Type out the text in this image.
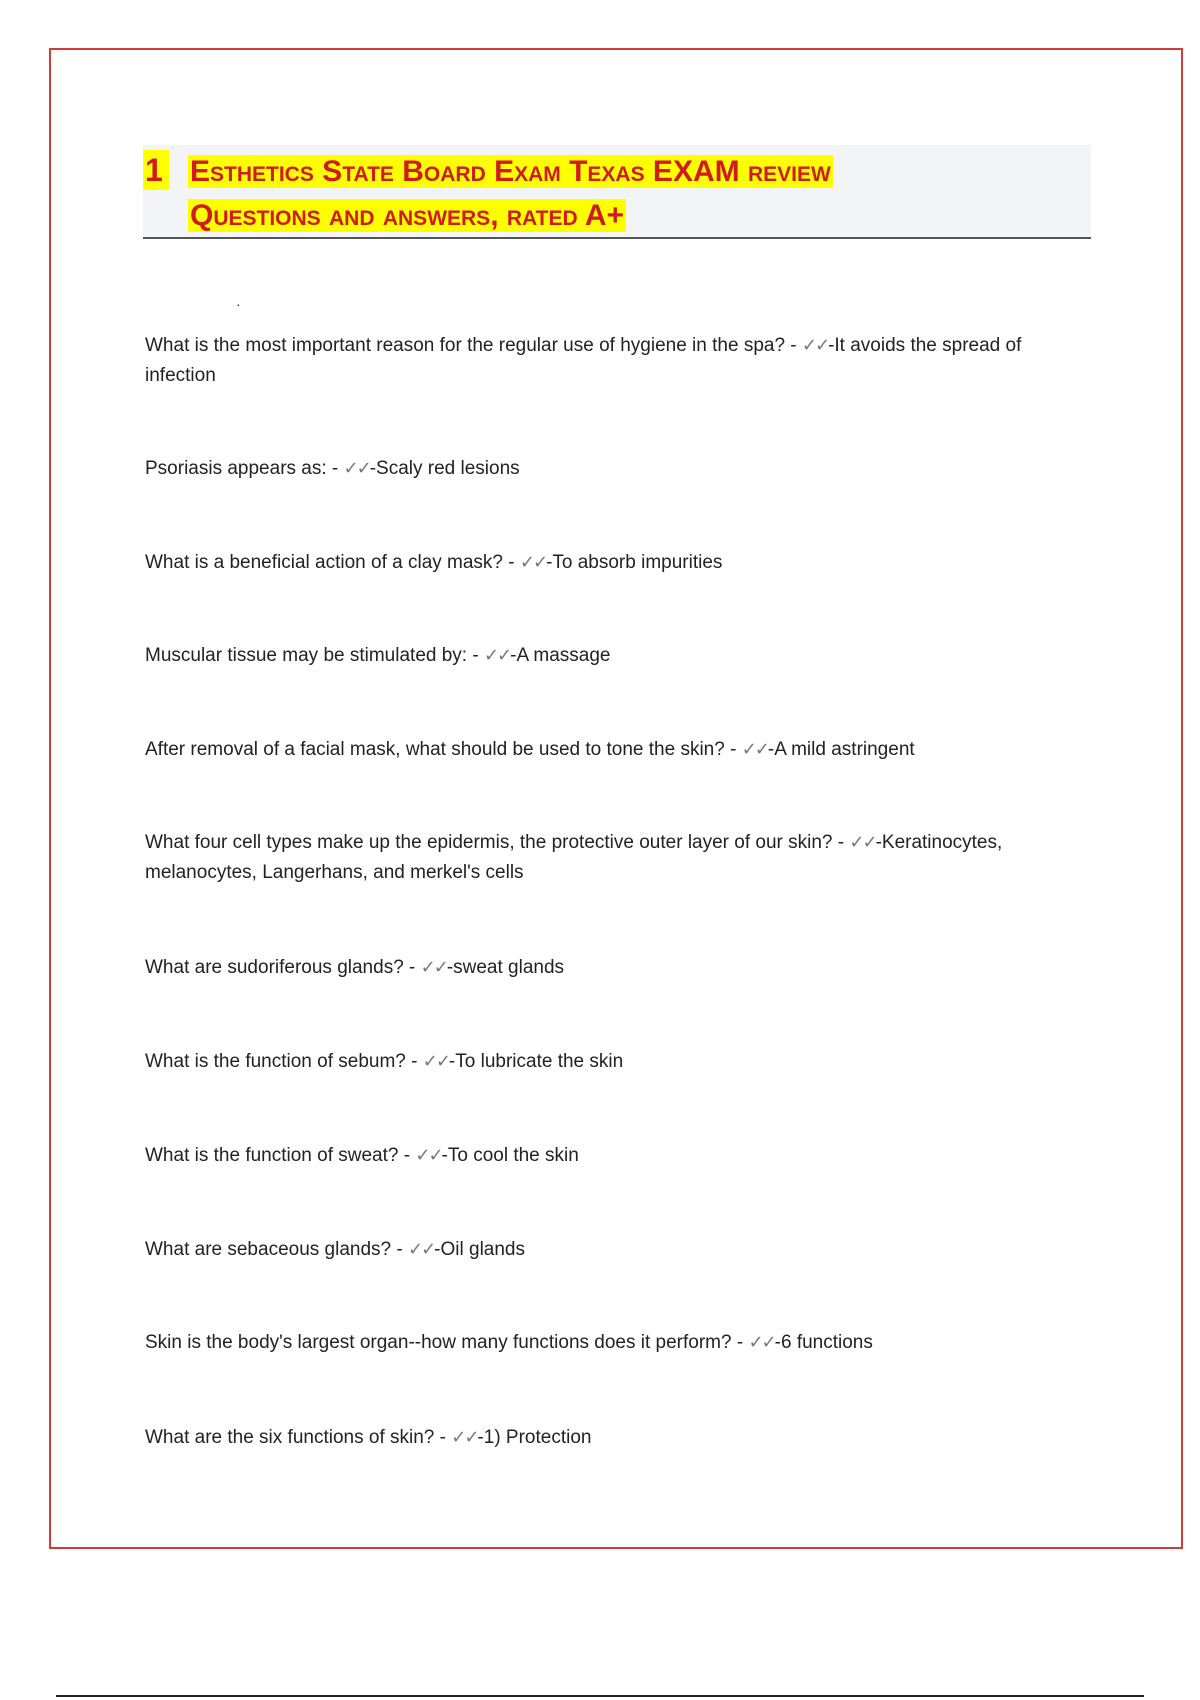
1 Esthetics State Board Exam Texas EXAM review
Questions and answers, rated A+
·
What is the most important reason for the regular use of hygiene in the spa? - ✓✓-It avoids the spread of infection
Psoriasis appears as: - ✓✓-Scaly red lesions
What is a beneficial action of a clay mask? - ✓✓-To absorb impurities
Muscular tissue may be stimulated by: - ✓✓-A massage
After removal of a facial mask, what should be used to tone the skin? - ✓✓-A mild astringent
What four cell types make up the epidermis, the protective outer layer of our skin? - ✓✓-Keratinocytes, melanocytes, Langerhans, and merkel's cells
What are sudoriferous glands? - ✓✓-sweat glands
What is the function of sebum? - ✓✓-To lubricate the skin
What is the function of sweat? - ✓✓-To cool the skin
What are sebaceous glands? - ✓✓-Oil glands
Skin is the body's largest organ--how many functions does it perform? - ✓✓-6 functions
What are the six functions of skin? - ✓✓-1) Protection
